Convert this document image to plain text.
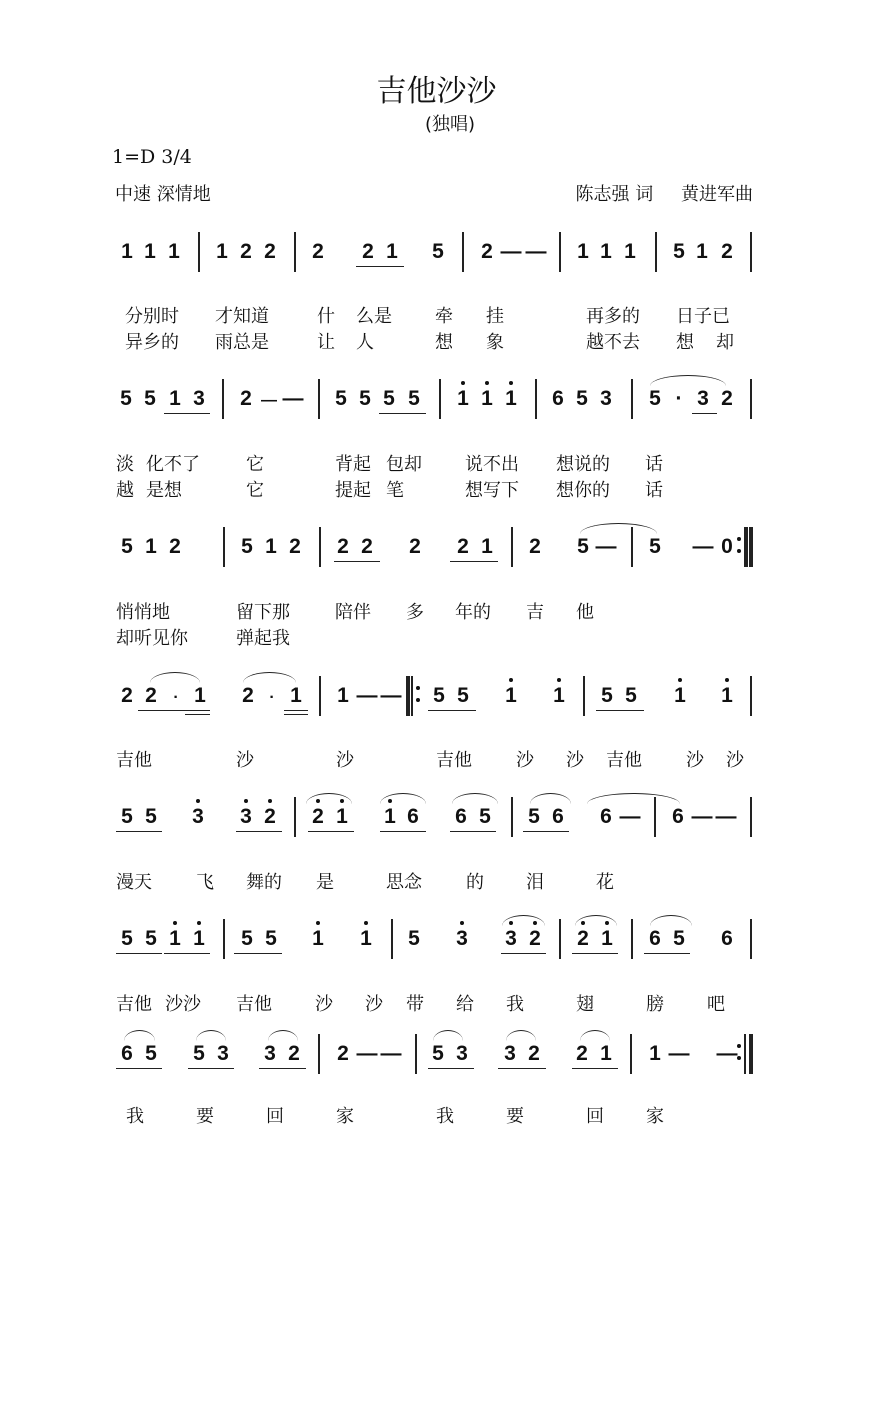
吉他沙沙
(独唱)
1=D 3/4
中速 深情地	陈志强 词 黄进军曲
1 1 1 1 2 2 2 2 1 5 2 — — 1 1 1 5 1 2
分别时 才知道	什 么是 牵 挂	再多的 日子已
异乡的 雨总是	让 人	想 象	越不去 想 却
5 5 1 3 2 — — 5 5 5 5 1 1 1 6 5 3 5 · 3 2
淡 化不了	它	背起 包却 说不出 想说的 话
越 是想	它	提起 笔	想写下 想你的 话
5 1 2	5 1 2 2 2 2 2 1 2 5 — 5 — 0
悄悄地	留下那	陪伴 多 年的 吉 他
却听见你	弹起我
2 2 · 1 2 · 1 1 — — 5 5 1 1 5 5 1 1
吉他	沙	沙	吉他 沙 沙 吉他 沙 沙
5 5 3 3 2 2 1 1 6 6 5 5 6 6 — 6 — —
漫天 飞 舞的 是	思念 的 泪	花
5 5 1 1 5 5 1 1 5 3 3 2 2 1 6 5 6
吉他 沙沙 吉他 沙 沙 带 给 我	翅	膀 吧
6 5 5 3 3 2 2 — — 5 3 3 2 2 1 1 — —
我	要	回	家	我	要	回 家
